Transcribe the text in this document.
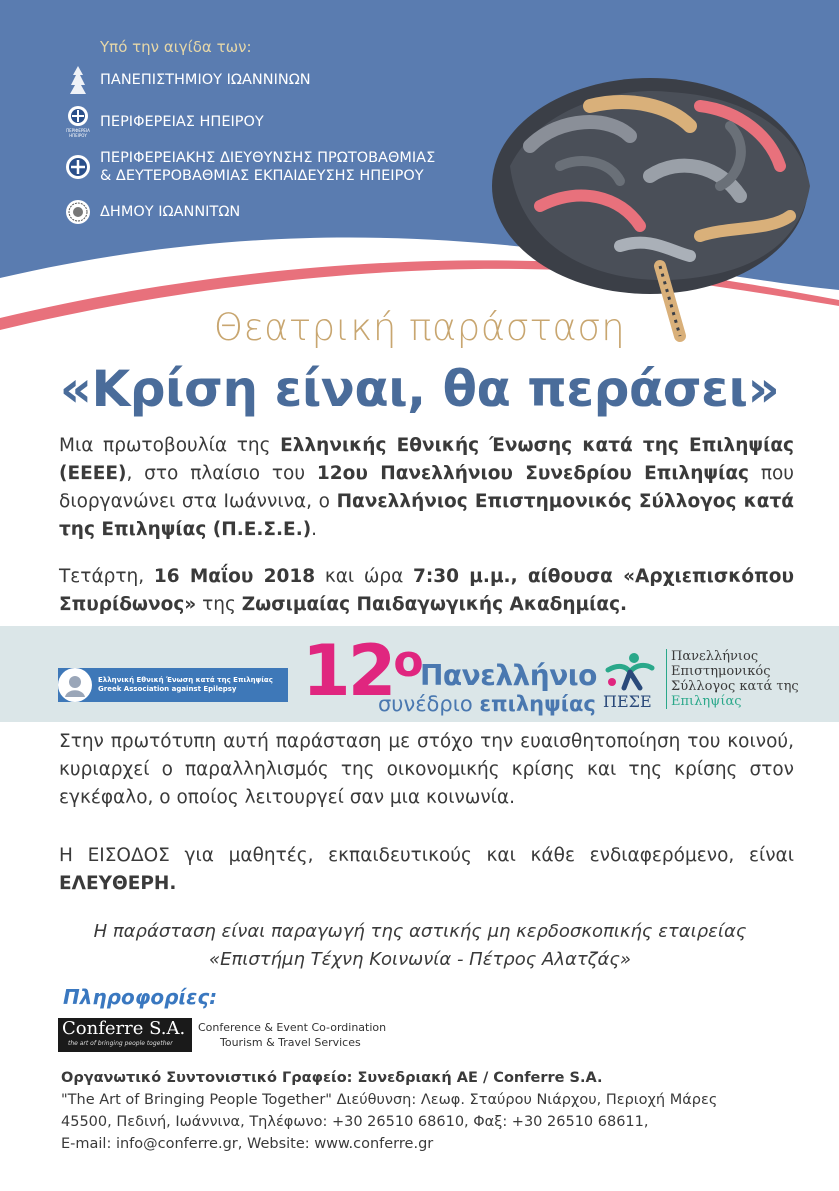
Υπό την αιγίδα των:
ΠΑΝΕΠΙΣΤΗΜΙΟΥ ΙΩΑΝΝΙΝΩΝ
ΠΕΡΙΦΕΡΕΙΑ
ΗΠΕΙΡΟΥ
ΠΕΡΙΦΕΡΕΙΑΣ ΗΠΕΙΡΟΥ
ΠΕΡΙΦΕΡΕΙΑΚΗΣ ΔΙΕΥΘΥΝΣΗΣ ΠΡΩΤΟΒΑΘΜΙΑΣ
& ΔΕΥΤΕΡΟΒΑΘΜΙΑΣ ΕΚΠΑΙΔΕΥΣΗΣ ΗΠΕΙΡΟΥ
ΔΗΜΟΥ ΙΩΑΝΝΙΤΩΝ
Θεατρική παράσταση
«Κρίση είναι, θα περάσει»
Μια πρωτοβουλία της Ελληνικής Εθνικής Ένωσης κατά της Επιληψίας (ΕΕΕΕ), στο πλαίσιο του 12ου Πανελλήνιου Συνεδρίου Επιληψίας που διοργανώνει στα Ιωάννινα, ο Πανελλήνιος Επιστημονικός Σύλλογος κατά της Επιληψίας (Π.Ε.Σ.Ε.).
Τετάρτη, 16 Μαΐου 2018 και ώρα 7:30 μ.μ., αίθουσα «Αρχιεπισκόπου Σπυρίδωνος» της Ζωσιμαίας Παιδαγωγικής Ακαδημίας.
Ελληνική Εθνική Ένωση κατά της Επιληψίας
Greek Association against Epilepsy $12^o$ Πανελλήνιο
συνέδριο επιληψίας ΠΕΣΕ
Πανελλήνιος
Επιστημονικός
Σύλλογος κατά της
Επιληψίας
Στην πρωτότυπη αυτή παράσταση με στόχο την ευαισθητοποίηση του κοινού, κυριαρχεί ο παραλληλισμός της οικονομικής κρίσης και της κρίσης στον εγκέφαλο, ο οποίος λειτουργεί σαν μια κοινωνία.
Η ΕΙΣΟΔΟΣ για μαθητές, εκπαιδευτικούς και κάθε ενδιαφερόμενο, είναι ΕΛΕΥΘΕΡΗ.
Η παράσταση είναι παραγωγή της αστικής μη κερδοσκοπικής εταιρείας
«Επιστήμη Τέχνη Κοινωνία - Πέτρος Αλατζάς»
Πληροφορίες:
Conferre S.A.
the art of bringing people together
Conference & Event Co-ordination
Tourism & Travel Services
Οργανωτικό Συντονιστικό Γραφείο: Συνεδριακή ΑΕ / Conferre S.A.
"The Art of Bringing People Together" Διεύθυνση: Λεωφ. Σταύρου Νιάρχου, Περιοχή Μάρες
45500, Πεδινή, Ιωάννινα, Τηλέφωνο: +30 26510 68610, Φαξ: +30 26510 68611,
E-mail: info@conferre.gr, Website: www.conferre.gr
